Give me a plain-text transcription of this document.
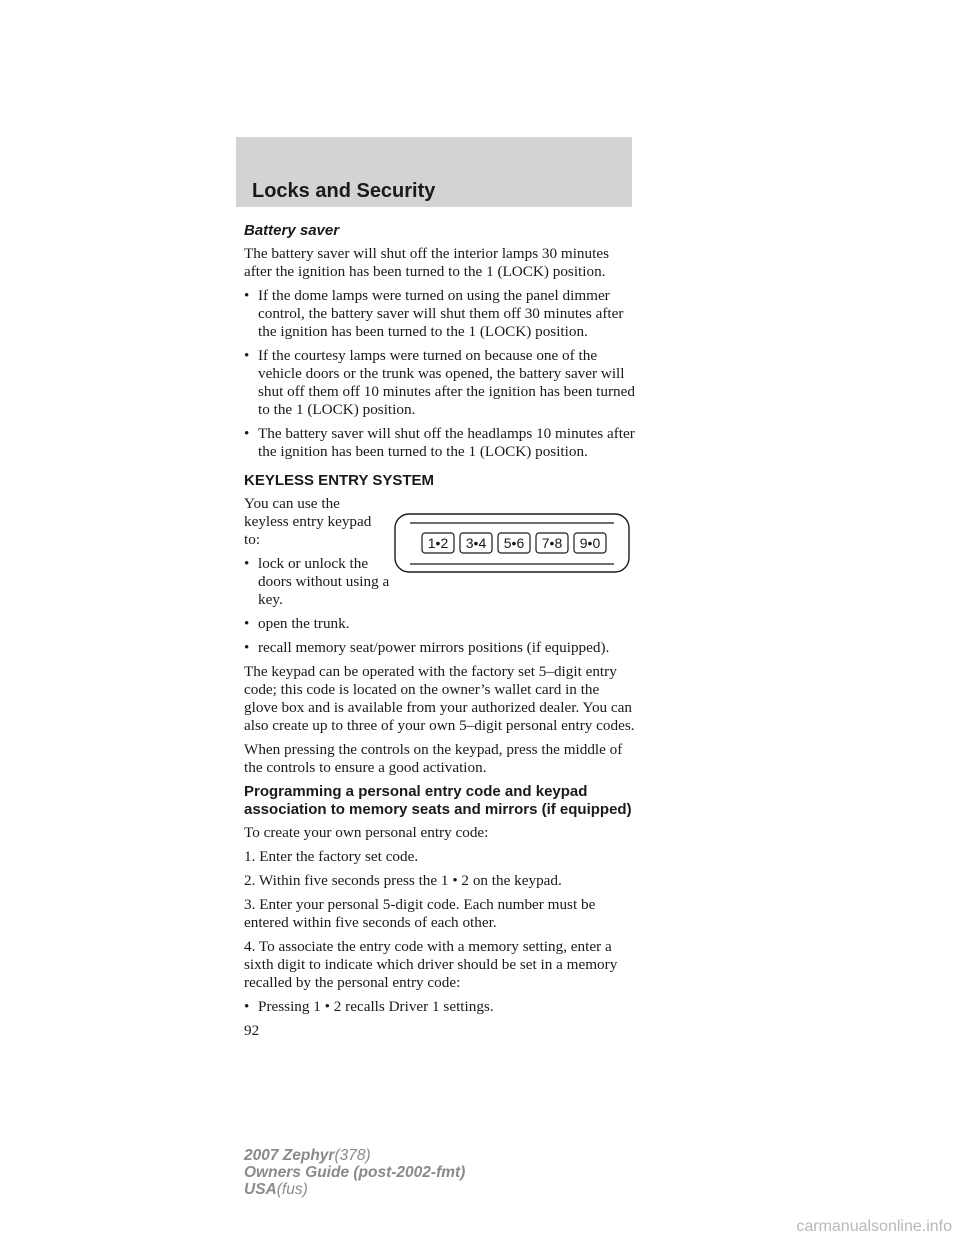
Locks and Security
Battery saver

The battery saver will shut off the interior lamps 30 minutes after the ignition has been turned to the 1 (LOCK) position.

• If the dome lamps were turned on using the panel dimmer control, the battery saver will shut them off 30 minutes after the ignition has been turned to the 1 (LOCK) position.
• If the courtesy lamps were turned on because one of the vehicle doors or the trunk was opened, the battery saver will shut off them off 10 minutes after the ignition has been turned to the 1 (LOCK) position.
• The battery saver will shut off the headlamps 10 minutes after the ignition has been turned to the 1 (LOCK) position.
KEYLESS ENTRY SYSTEM

You can use the keyless entry keypad to:

• lock or unlock the doors without using a key.
• open the trunk.
• recall memory seat/power mirrors positions (if equipped).
1•2 3•4 5•6 7•8 9•0

The keypad can be operated with the factory set 5–digit entry code; this code is located on the owner’s wallet card in the glove box and is available from your authorized dealer. You can also create up to three of your own 5–digit personal entry codes.

When pressing the controls on the keypad, press the middle of the controls to ensure a good activation.

Programming a personal entry code and keypad association to memory seats and mirrors (if equipped)

To create your own personal entry code:

1. Enter the factory set code.

2. Within five seconds press the 1 • 2 on the keypad.

3. Enter your personal 5-digit code. Each number must be entered within five seconds of each other.

4. To associate the entry code with a memory setting, enter a sixth digit to indicate which driver should be set in a memory recalled by the personal entry code:

• Pressing 1 • 2 recalls Driver 1 settings.

92

2007 Zephyr(378)
Owners Guide (post-2002-fmt)
USA(fus)
carmanualsonline.info
